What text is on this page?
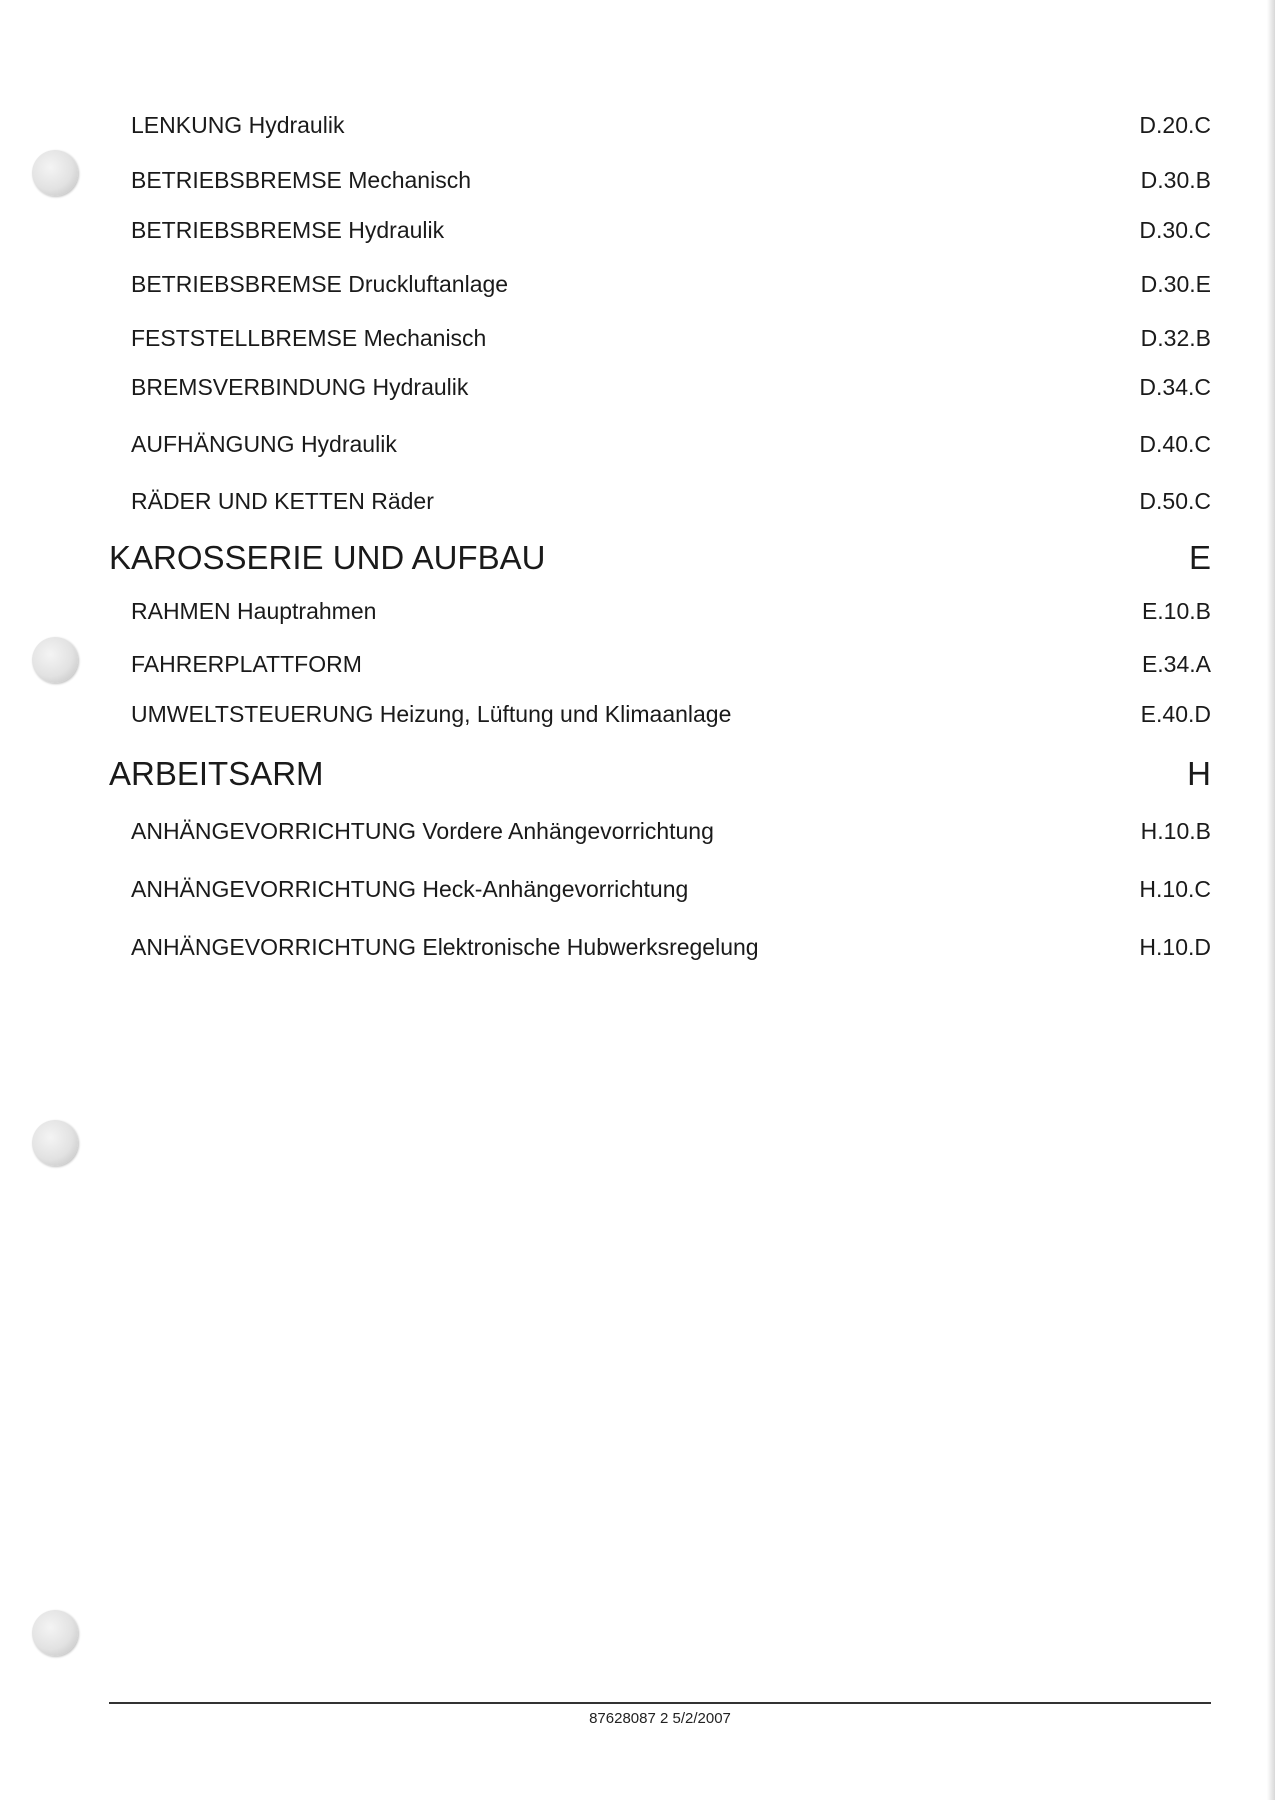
LENKUNG Hydraulik	D.20.C
BETRIEBSBREMSE Mechanisch	D.30.B
BETRIEBSBREMSE Hydraulik	D.30.C
BETRIEBSBREMSE Druckluftanlage	D.30.E
FESTSTELLBREMSE Mechanisch	D.32.B
BREMSVERBINDUNG Hydraulik	D.34.C
AUFHÄNGUNG Hydraulik	D.40.C
RÄDER UND KETTEN Räder	D.50.C
KAROSSERIE UND AUFBAU	E
RAHMEN Hauptrahmen	E.10.B
FAHRERPLATTFORM	E.34.A
UMWELTSTEUERUNG Heizung, Lüftung und Klimaanlage	E.40.D
ARBEITSARM	H
ANHÄNGEVORRICHTUNG Vordere Anhängevorrichtung	H.10.B
ANHÄNGEVORRICHTUNG Heck-Anhängevorrichtung	H.10.C
ANHÄNGEVORRICHTUNG Elektronische Hubwerksregelung	H.10.D
87628087 2 5/2/2007
